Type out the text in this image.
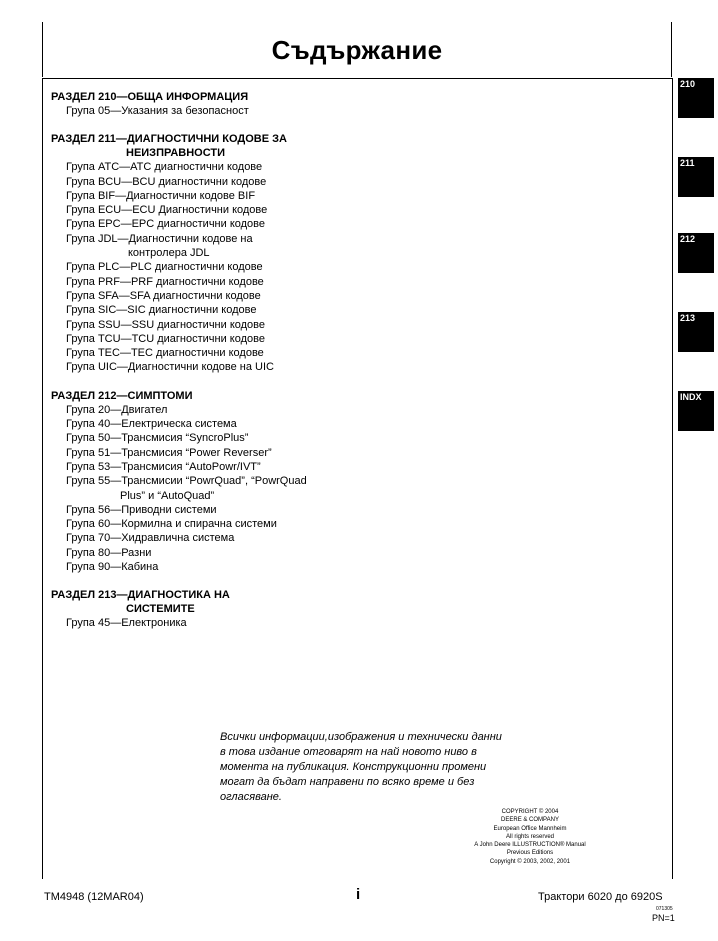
Съдържание
РАЗДЕЛ 210—ОБЩА ИНФОРМАЦИЯ
Група 05—Указания за безопасност
РАЗДЕЛ 211—ДИАГНОСТИЧНИ КОДОВЕ ЗА
НЕИЗПРАВНОСТИ
Група ATC—ATC диагностични кодове
Група BCU—BCU диагностични кодове
Група BIF—Диагностични кодове BIF
Група ECU—ECU Диагностични кодове
Група EPC—EPC диагностични кодове
Група JDL—Диагностични кодове на
контролера JDL
Група PLC—PLC диагностични кодове
Група PRF—PRF диагностични кодове
Група SFA—SFA диагностични кодове
Група SIC—SIC диагностични кодове
Група SSU—SSU диагностични кодове
Група TCU—TCU диагностични кодове
Група TEC—TEC диагностични кодове
Група UIC—Диагностични кодове на UIC
РАЗДЕЛ 212—СИМПТОМИ
Група 20—Двигател
Група 40—Електрическа система
Група 50—Трансмисия “SyncroPlus”
Група 51—Трансмисия “Power Reverser”
Група 53—Трансмисия “AutoPowr/IVT”
Група 55—Трансмисии “PowrQuad”, “PowrQuad
Plus” и “AutoQuad”
Група 56—Приводни системи
Група 60—Кормилна и спирачна системи
Група 70—Хидравлична система
Група 80—Разни
Група 90—Кабина
РАЗДЕЛ 213—ДИАГНОСТИКА НА
СИСТЕМИТЕ
Група 45—Електроника
210
211
212
213
INDX
Всички информации,изображения и технически данни
в това издание отговарят на най новото ниво в
момента на публикация. Конструкционни промени
могат да бъдат направени по всяко време и без
огласяване.
COPYRIGHT © 2004
DEERE & COMPANY
European Office Mannheim
All rights reserved
A John Deere ILLUSTRUCTION® Manual
Previous Editions
Copyright © 2003, 2002, 2001
TM4948 (12MAR04)	i	Трактори 6020 до 6920S
071305
PN=1
